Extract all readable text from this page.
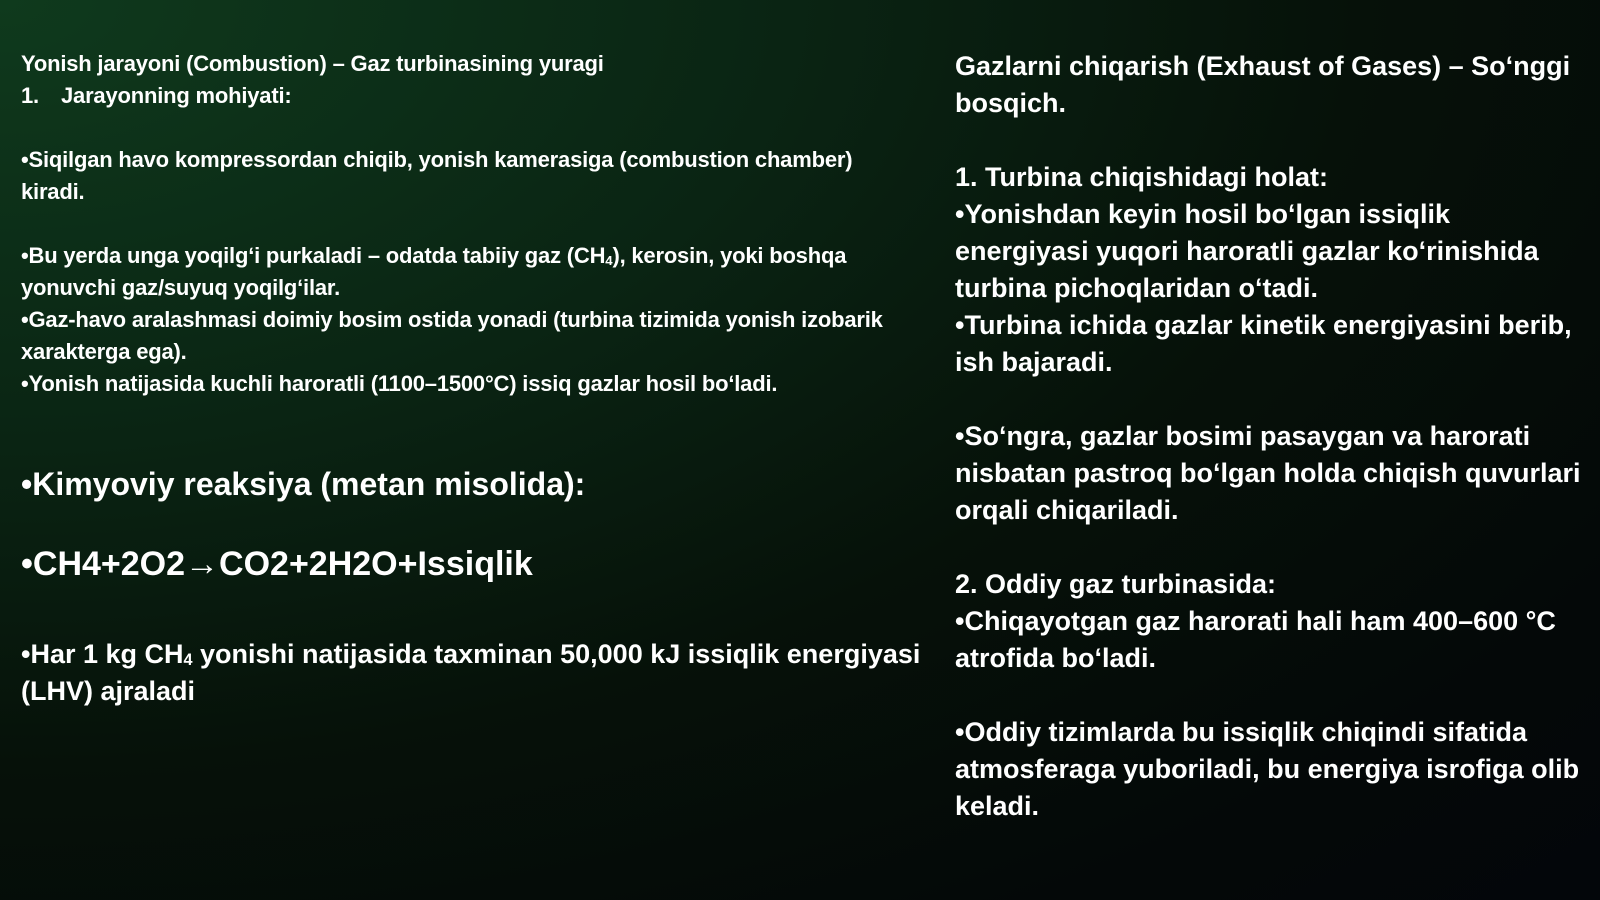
Yonish jarayoni (Combustion) – Gaz turbinasining yuragi

1. Jarayonning mohiyati:

•Siqilgan havo kompressordan chiqib, yonish kamerasiga (combustion chamber) kiradi.

•Bu yerda unga yoqilgʻi purkaladi – odatda tabiiy gaz $(CH_4)$, kerosin, yoki boshqa yonuvchi gaz/suyuq yoqilgʻilar.

•Gaz-havo aralashmasi doimiy bosim ostida yonadi (turbina tizimida yonish izobarik xarakterga ega).

•Yonish natijasida kuchli haroratli (1100–1500°C) issiq gazlar hosil boʻladi.

•Kimyoviy reaksiya (metan misolida):

•CH4+2O2→CO2+2H2O+Issiqlik

•Har 1 kg $CH_4$ yonishi natijasida taxminan 50,000 kJ issiqlik energiyasi (LHV) ajraladi

Gazlarni chiqarish (Exhaust of Gases) – Soʻnggi bosqich.

1. Turbina chiqishidagi holat:

•Yonishdan keyin hosil boʻlgan issiqlik energiyasi yuqori haroratli gazlar koʻrinishida turbina pichoqlaridan oʻtadi.

•Turbina ichida gazlar kinetik energiyasini berib, ish bajaradi.

•Soʻngra, gazlar bosimi pasaygan va harorati nisbatan pastroq boʻlgan holda chiqish quvurlari orqali chiqariladi.

2. Oddiy gaz turbinasida:

•Chiqayotgan gaz harorati hali ham 400–600 °C atrofida boʻladi.

•Oddiy tizimlarda bu issiqlik chiqindi sifatida atmosferaga yuboriladi, bu energiya isrofiga olib keladi.
